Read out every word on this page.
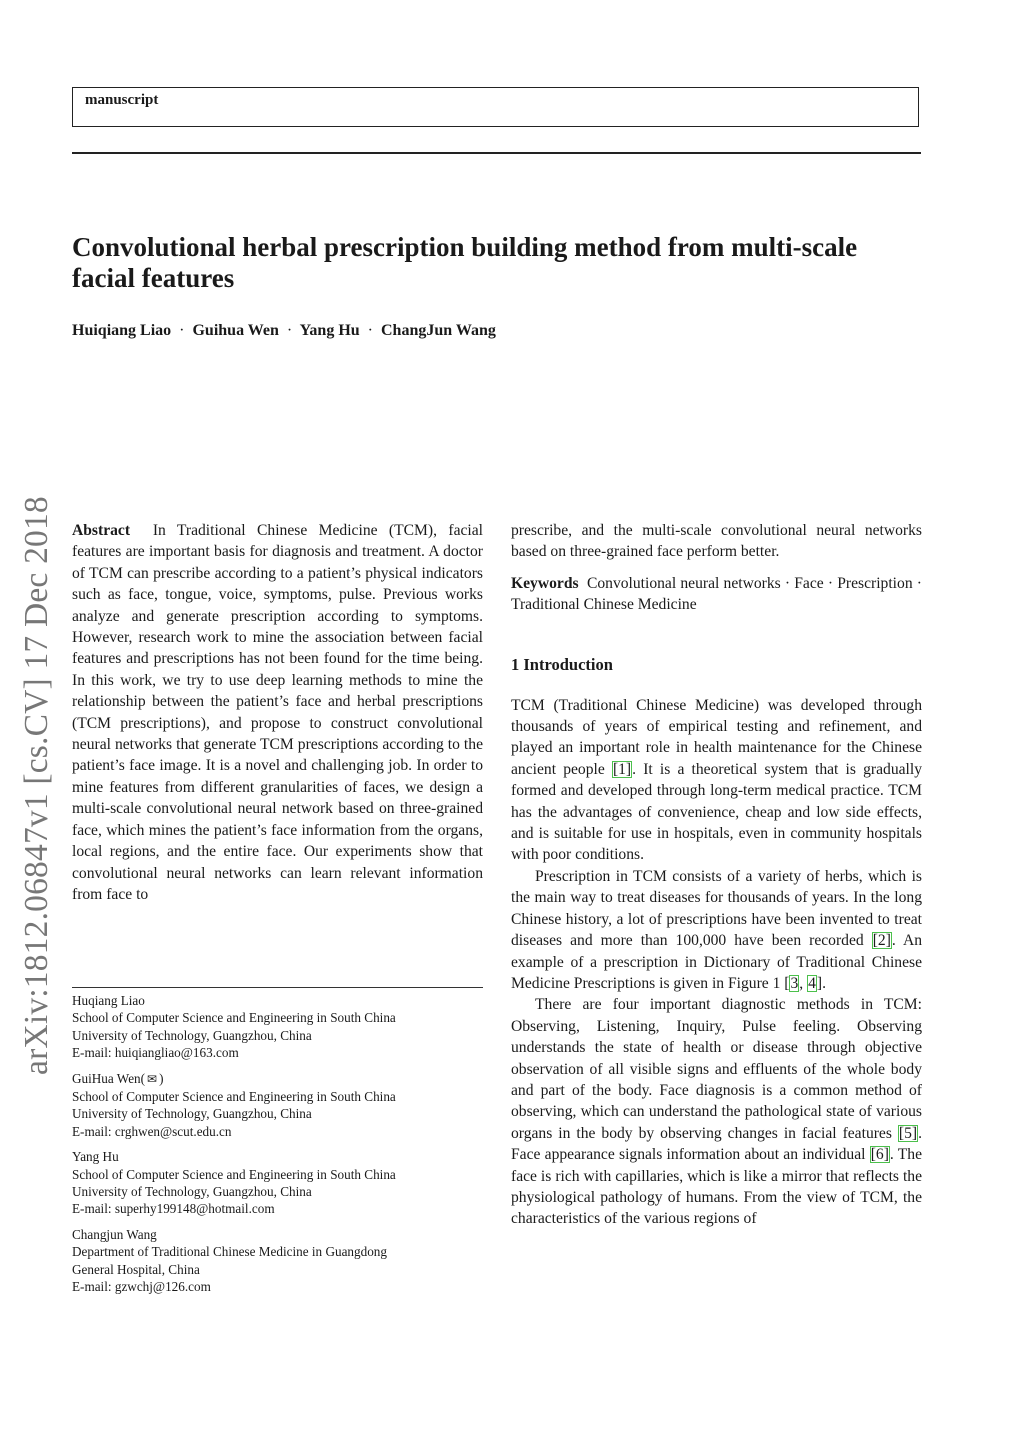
manuscript
Convolutional herbal prescription building method from multi-scale facial features

Huiqiang Liao · Guihua Wen · Yang Hu · ChangJun Wang

arXiv:1812.06847v1 [cs.CV] 17 Dec 2018 Abstract In Traditional Chinese Medicine (TCM), facial features are important basis for diagnosis and treatment. A doctor of TCM can prescribe according to a patient’s physical indicators such as face, tongue, voice, symptoms, pulse. Previous works analyze and generate prescription according to symptoms. However, research work to mine the association between facial features and prescriptions has not been found for the time being. In this work, we try to use deep learning methods to mine the relationship between the patient’s face and herbal prescriptions (TCM prescriptions), and propose to construct convolutional neural networks that generate TCM prescriptions according to the patient’s face image. It is a novel and challenging job. In order to mine features from different granularities of faces, we design a multi-scale convolutional neural network based on three-grained face, which mines the patient’s face information from the organs, local regions, and the entire face. Our experiments show that convolutional neural networks can learn relevant information from face to

prescribe, and the multi-scale convolutional neural networks based on three-grained face perform better.

Keywords Convolutional neural networks · Face · Prescription · Traditional Chinese Medicine

1 Introduction

TCM (Traditional Chinese Medicine) was developed through thousands of years of empirical testing and refinement, and played an important role in health maintenance for the Chinese ancient people [1]. It is a theoretical system that is gradually formed and developed through long-term medical practice. TCM has the advantages of convenience, cheap and low side effects, and is suitable for use in hospitals, even in community hospitals with poor conditions.

Prescription in TCM consists of a variety of herbs, which is the main way to treat diseases for thousands of years. In the long Chinese history, a lot of prescriptions have been invented to treat diseases and more than 100,000 have been recorded [2]. An example of a prescription in Dictionary of Traditional Chinese Medicine Prescriptions is given in Figure 1 [3, 4].

There are four important diagnostic methods in TCM: Observing, Listening, Inquiry, Pulse feeling. Observing understands the state of health or disease through objective observation of all visible signs and effluents of the whole body and part of the body. Face diagnosis is a common method of observing, which can understand the pathological state of various organs in the body by observing changes in facial features [5]. Face appearance signals information about an individual [6]. The face is rich with capillaries, which is like a mirror that reflects the physiological pathology of humans. From the view of TCM, the characteristics of the various regions of

Huqiang Liao
School of Computer Science and Engineering in South China
University of Technology, Guangzhou, China
E-mail: huiqiangliao@163.com
GuiHua Wen( ✉ )
School of Computer Science and Engineering in South China
University of Technology, Guangzhou, China
E-mail: crghwen@scut.edu.cn
Yang Hu
School of Computer Science and Engineering in South China
University of Technology, Guangzhou, China
E-mail: superhy199148@hotmail.com
Changjun Wang
Department of Traditional Chinese Medicine in Guangdong
General Hospital, China
E-mail: gzwchj@126.com
